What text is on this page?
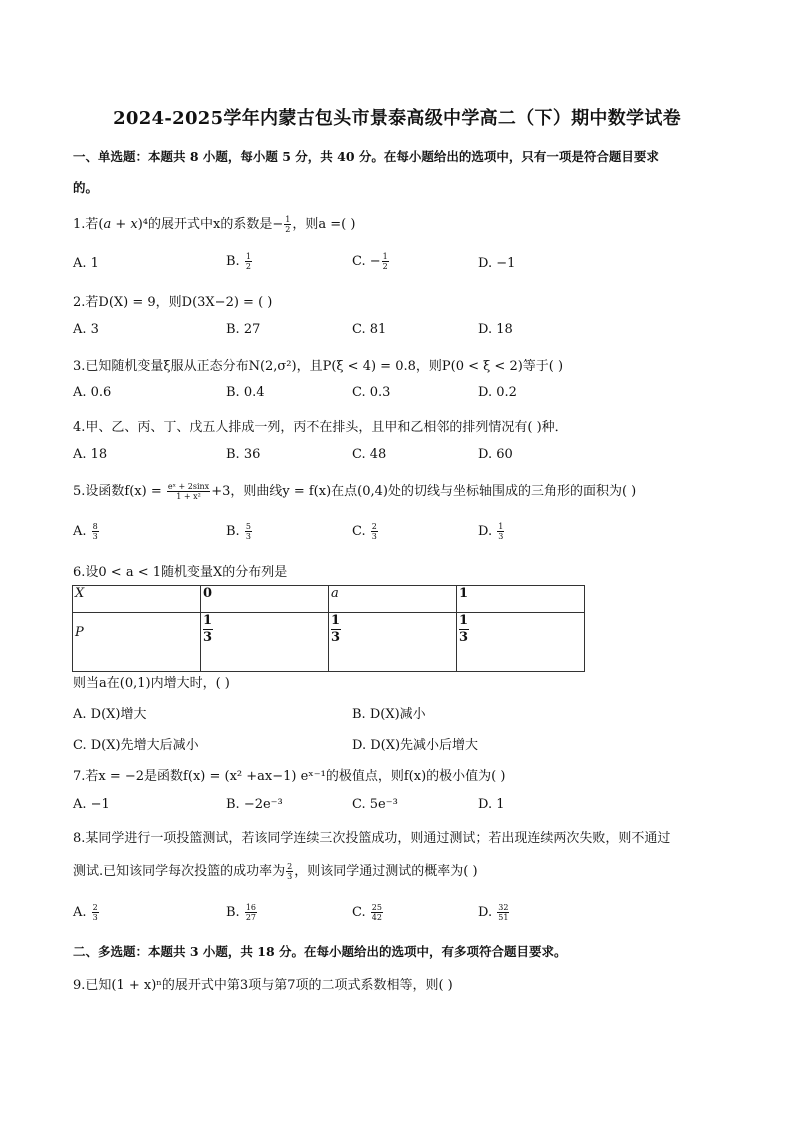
2024-2025学年内蒙古包头市景泰高级中学高二（下）期中数学试卷
一、单选题：本题共 8 小题，每小题 5 分，共 40 分。在每小题给出的选项中，只有一项是符合题目要求
的。
1.若(a + x)⁴的展开式中x的系数是− $\frac{1}{2}$ ，则a =( )
A. 1	B. $\frac{1}{2}$	C. − $\frac{1}{2}$	D. −1
2.若D(X) = 9，则D(3X−2) = ( )
A. 3	B. 27	C. 81	D. 18
3.已知随机变量ξ服从正态分布N(2,σ²)，且P(ξ < 4) = 0.8，则P(0 < ξ < 2)等于( )
A. 0.6	B. 0.4	C. 0.3	D. 0.2
4.甲、乙、丙、丁、戊五人排成一列，丙不在排头，且甲和乙相邻的排列情况有( )种．
A. 18	B. 36	C. 48	D. 60
5.设函数$f(x) = \frac{\text{eˣ + 2sinx}}{\text{1 + x²}} +3$，则曲线y = f(x)在点(0,4)处的切线与坐标轴围成的三角形的面积为( )
A. $\frac{8}{3}$	B. $\frac{5}{3}$	C. $\frac{2}{3}$	D. $\frac{1}{3}$
6.设0 < a < 1随机变量X的分布列是
X	0	a	1
P	$\frac{1}{3}$	$\frac{1}{3}$	$\frac{1}{3}$
则当a在(0,1)内增大时，( )
A. D(X)增大	B. D(X)减小
C. D(X)先增大后减小	D. D(X)先减小后增大
7.若x = −2是函数f(x) = (x² +ax−1) eˣ⁻¹的极值点，则f(x)的极小值为( )
A. −1	B. −2e⁻³	C. 5e⁻³	D. 1
8.某同学进行一项投篮测试，若该同学连续三次投篮成功，则通过测试；若出现连续两次失败，则不通过
测试.已知该同学每次投篮的成功率为 $\frac{2}{3}$ ，则该同学通过测试的概率为( )
A. $\frac{2}{3}$	B. $\frac{16}{27}$	C. $\frac{25}{42}$	D. $\frac{32}{51}$
二、多选题：本题共 3 小题，共 18 分。在每小题给出的选项中，有多项符合题目要求。
9.已知(1 + x)ⁿ的展开式中第3项与第7项的二项式系数相等，则( )
